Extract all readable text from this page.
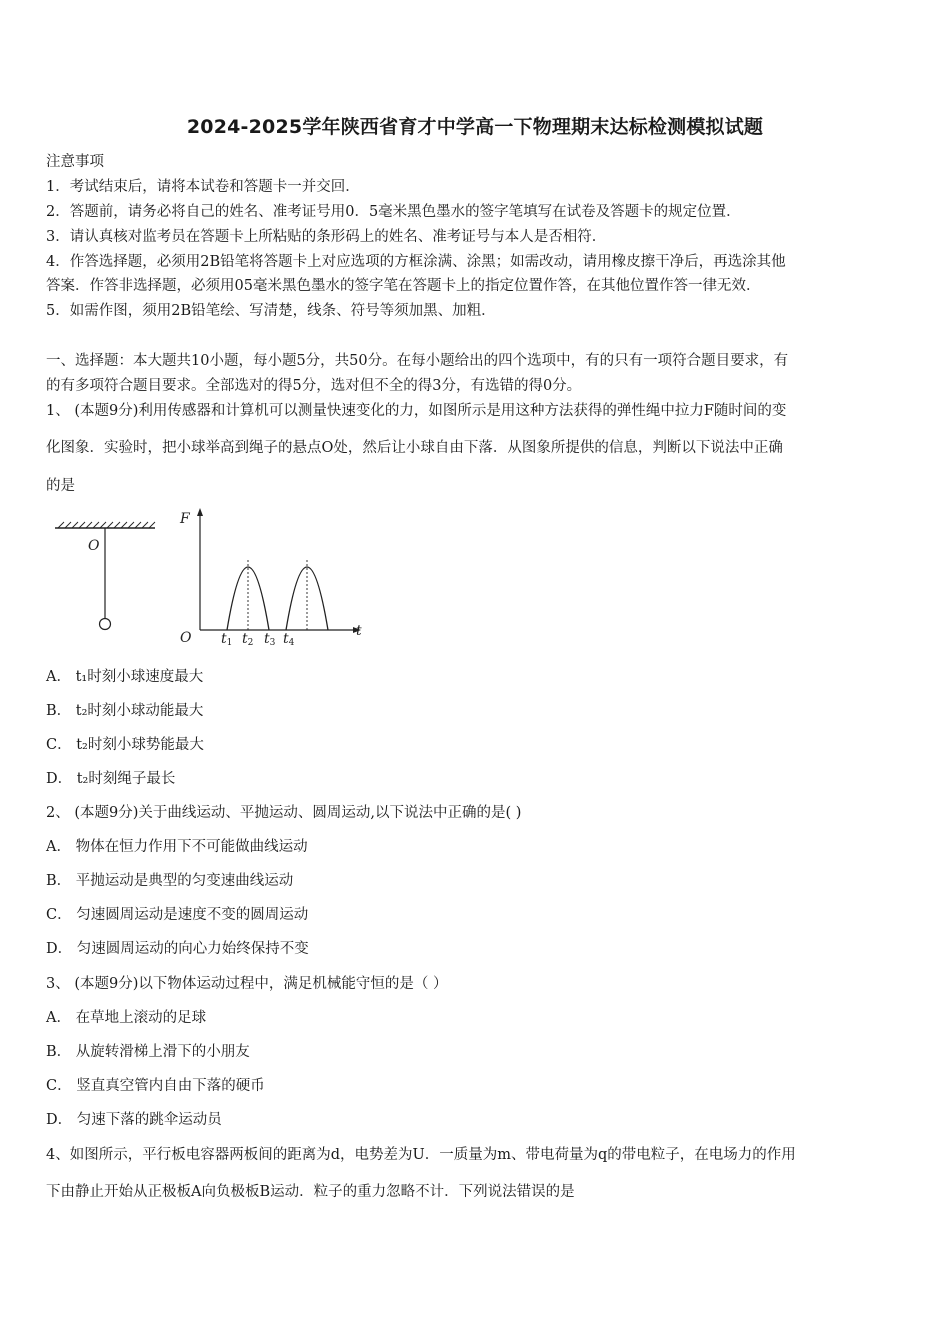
2024-2025学年陕西省育才中学高一下物理期末达标检测模拟试题
注意事项
1．考试结束后，请将本试卷和答题卡一并交回．
2．答题前，请务必将自己的姓名、准考证号用0．5毫米黑色墨水的签字笔填写在试卷及答题卡的规定位置．
3．请认真核对监考员在答题卡上所粘贴的条形码上的姓名、准考证号与本人是否相符．
4．作答选择题，必须用2B铅笔将答题卡上对应选项的方框涂满、涂黑；如需改动，请用橡皮擦干净后，再选涂其他
答案．作答非选择题，必须用05毫米黑色墨水的签字笔在答题卡上的指定位置作答，在其他位置作答一律无效．
5．如需作图，须用2B铅笔绘、写清楚，线条、符号等须加黑、加粗．
一、选择题：本大题共10小题，每小题5分，共50分。在每小题给出的四个选项中，有的只有一项符合题目要求，有
的有多项符合题目要求。全部选对的得5分，选对但不全的得3分，有选错的得0分。
1、 (本题9分)利用传感器和计算机可以测量快速变化的力，如图所示是用这种方法获得的弹性绳中拉力F随时间的变
化图象．实验时，把小球举高到绳子的悬点O处，然后让小球自由下落．从图象所提供的信息，判断以下说法中正确
的是
O
F
O	t
t1 t2 t3 t4
A． t₁时刻小球速度最大
B． t₂时刻小球动能最大
C． t₂时刻小球势能最大
D． t₂时刻绳子最长
2、 (本题9分)关于曲线运动、平抛运动、圆周运动,以下说法中正确的是( )
A． 物体在恒力作用下不可能做曲线运动
B． 平抛运动是典型的匀变速曲线运动
C． 匀速圆周运动是速度不变的圆周运动
D． 匀速圆周运动的向心力始终保持不变
3、 (本题9分)以下物体运动过程中，满足机械能守恒的是（ ）
A． 在草地上滚动的足球
B． 从旋转滑梯上滑下的小朋友
C． 竖直真空管内自由下落的硬币
D． 匀速下落的跳伞运动员
4、如图所示，平行板电容器两板间的距离为d，电势差为U．一质量为m、带电荷量为q的带电粒子，在电场力的作用
下由静止开始从正极板A向负极板B运动．粒子的重力忽略不计．下列说法错误的是
